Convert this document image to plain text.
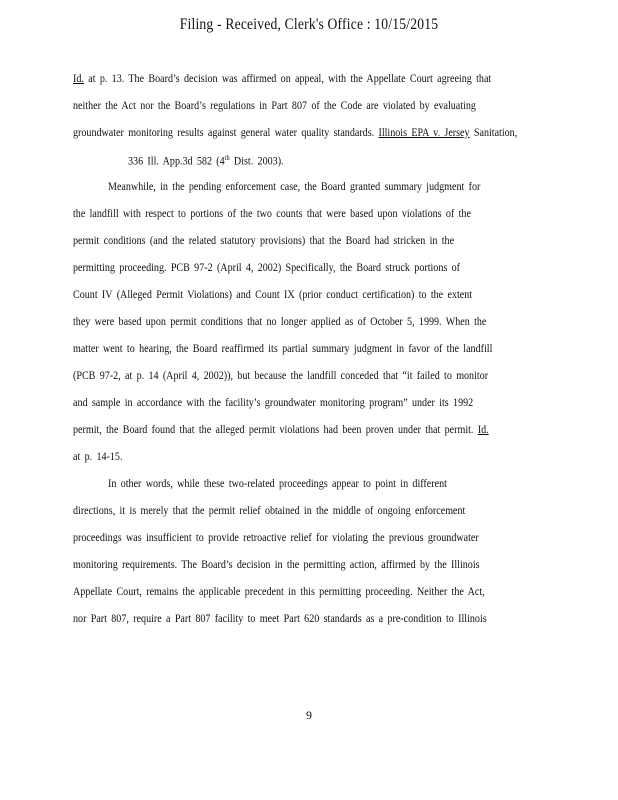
Filing - Received, Clerk's Office : 10/15/2015
Id. at p. 13. The Board’s decision was affirmed on appeal, with the Appellate Court agreeing that
neither the Act nor the Board’s regulations in Part 807 of the Code are violated by evaluating
groundwater monitoring results against general water quality standards. Illinois EPA v. Jersey Sanitation,
336 Ill. App.3d 582 (4th Dist. 2003).
Meanwhile, in the pending enforcement case, the Board granted summary judgment for
the landfill with respect to portions of the two counts that were based upon violations of the
permit conditions (and the related statutory provisions) that the Board had stricken in the
permitting proceeding. PCB 97-2 (April 4, 2002) Specifically, the Board struck portions of
Count IV (Alleged Permit Violations) and Count IX (prior conduct certification) to the extent
they were based upon permit conditions that no longer applied as of October 5, 1999. When the
matter went to hearing, the Board reaffirmed its partial summary judgment in favor of the landfill
(PCB 97-2, at p. 14 (April 4, 2002)), but because the landfill conceded that “it failed to monitor
and sample in accordance with the facility’s groundwater monitoring program” under its 1992
permit, the Board found that the alleged permit violations had been proven under that permit. Id.
at p. 14-15.
In other words, while these two-related proceedings appear to point in different
directions, it is merely that the permit relief obtained in the middle of ongoing enforcement
proceedings was insufficient to provide retroactive relief for violating the previous groundwater
monitoring requirements. The Board’s decision in the permitting action, affirmed by the Illinois
Appellate Court, remains the applicable precedent in this permitting proceeding. Neither the Act,
nor Part 807, require a Part 807 facility to meet Part 620 standards as a pre-condition to Illinois
9
